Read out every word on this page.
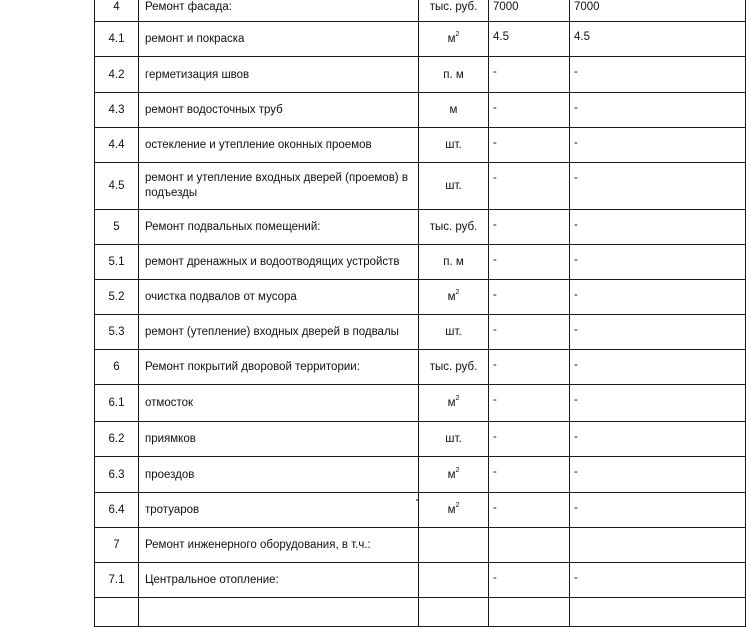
4	Ремонт фасада:	тыс. руб.	7000	7000
4.1	ремонт и покраска	$м^2$	4.5	4.5
4.2	герметизация швов	п. м	-	-
4.3	ремонт водосточных труб	м	-	-
4.4	остекление и утепление оконных проемов	шт.	-	-
4.5	ремонт и утепление входных дверей (проемов) в подъезды	шт.	-	-
5	Ремонт подвальных помещений:	тыс. руб.	-	-
5.1	ремонт дренажных и водоотводящих устройств	п. м	-	-
5.2	очистка подвалов от мусора	$м^2$	-	-
5.3	ремонт (утепление) входных дверей в подвалы	шт.	-	-
6	Ремонт покрытий дворовой территории:	тыс. руб.	-	-
6.1	отмосток	$м^2$	-	-
6.2	приямков	шт.	-	-
6.3	проездов	$м^2$	-	-
6.4	тротуаров	$м^2$	-	-
7	Ремонт инженерного оборудования, в т.ч.:			
7.1	Центральное отопление:		-	-
